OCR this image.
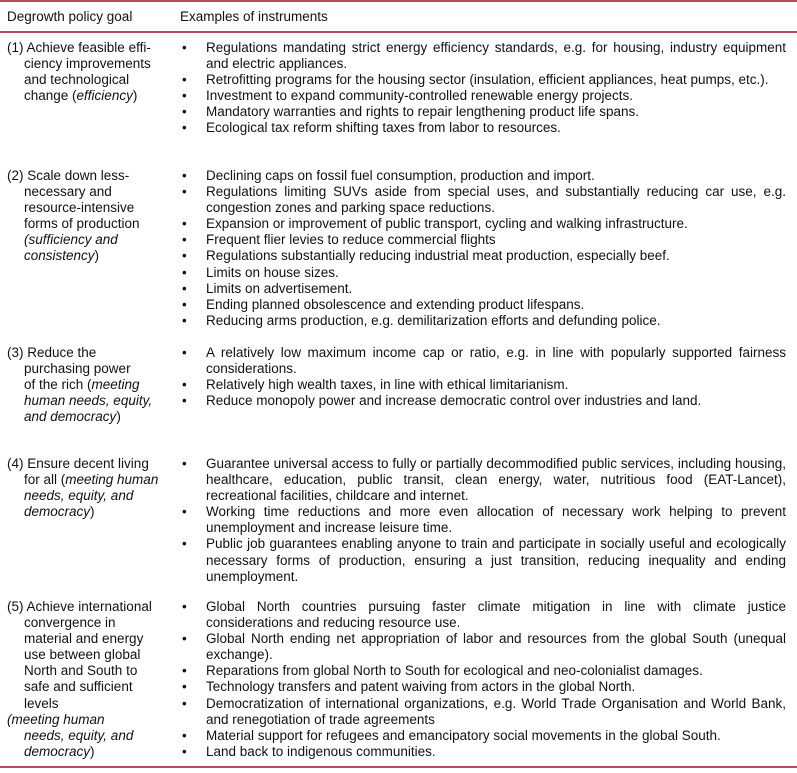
Degrowth policy goal	Examples of instruments
(1) Achieve feasible effi-
ciency improvements
and technological
change (efficiency)
• Regulations mandating strict energy efficiency standards, e.g. for housing, industry equipment and electric appliances.
• Retrofitting programs for the housing sector (insulation, efficient appliances, heat pumps, etc.).
• Investment to expand community-controlled renewable energy projects.
• Mandatory warranties and rights to repair lengthening product life spans.
• Ecological tax reform shifting taxes from labor to resources.
(2) Scale down less-
necessary and
resource-intensive
forms of production
(sufficiency and
consistency)
• Declining caps on fossil fuel consumption, production and import.
• Regulations limiting SUVs aside from special uses, and substantially reducing car use, e.g. congestion zones and parking space reductions.
• Expansion or improvement of public transport, cycling and walking infrastructure.
• Frequent flier levies to reduce commercial flights
• Regulations substantially reducing industrial meat production, especially beef.
• Limits on house sizes.
• Limits on advertisement.
• Ending planned obsolescence and extending product lifespans.
• Reducing arms production, e.g. demilitarization efforts and defunding police.
(3) Reduce the
purchasing power
of the rich (meeting
human needs, equity,
and democracy)
• A relatively low maximum income cap or ratio, e.g. in line with popularly supported fairness considerations.
• Relatively high wealth taxes, in line with ethical limitarianism.
• Reduce monopoly power and increase democratic control over industries and land.
(4) Ensure decent living
for all (meeting human
needs, equity, and
democracy)
• Guarantee universal access to fully or partially decommodified public services, including housing, healthcare, education, public transit, clean energy, water, nutritious food (EAT-Lancet), recreational facilities, childcare and internet.
• Working time reductions and more even allocation of necessary work helping to prevent unemployment and increase leisure time.
• Public job guarantees enabling anyone to train and participate in socially useful and ecologically necessary forms of production, ensuring a just transition, reducing inequality and ending unemployment.
(5) Achieve international
convergence in
material and energy
use between global
North and South to
safe and sufficient
levels
(meeting human
needs, equity, and
democracy)
• Global North countries pursuing faster climate mitigation in line with climate justice considerations and reducing resource use.
• Global North ending net appropriation of labor and resources from the global South (unequal exchange).
• Reparations from global North to South for ecological and neo-colonialist damages.
• Technology transfers and patent waiving from actors in the global North.
• Democratization of international organizations, e.g. World Trade Organisation and World Bank, and renegotiation of trade agreements
• Material support for refugees and emancipatory social movements in the global South.
• Land back to indigenous communities.
